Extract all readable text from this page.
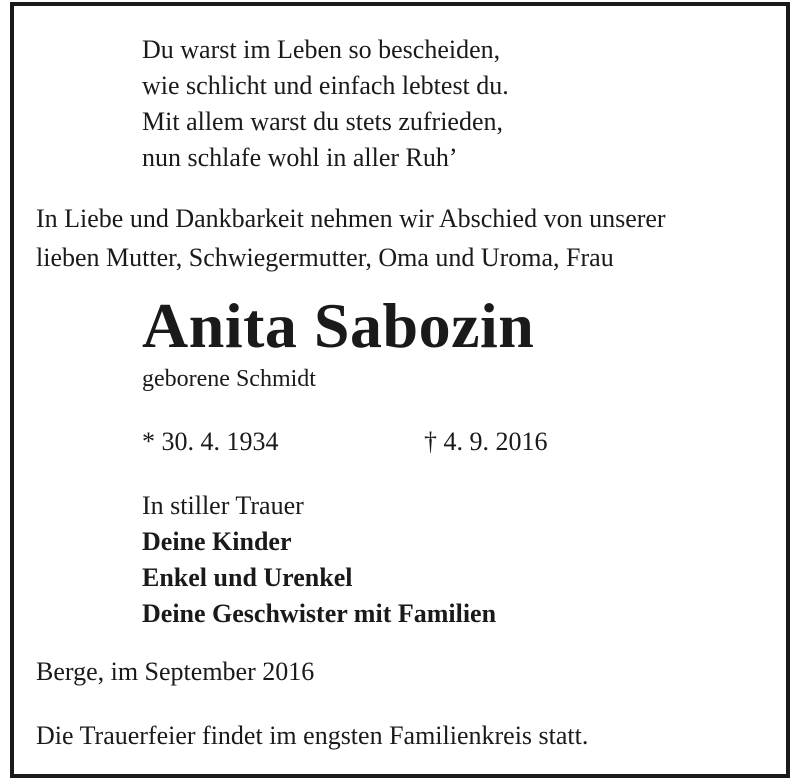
Du warst im Leben so bescheiden,
wie schlicht und einfach lebtest du.
Mit allem warst du stets zufrieden,
nun schlafe wohl in aller Ruh’
In Liebe und Dankbarkeit nehmen wir Abschied von unserer
lieben Mutter, Schwiegermutter, Oma und Uroma, Frau
Anita Sabozin
geborene Schmidt
* 30. 4. 1934	† 4. 9. 2016
In stiller Trauer
Deine Kinder
Enkel und Urenkel
Deine Geschwister mit Familien
Berge, im September 2016
Die Trauerfeier findet im engsten Familienkreis statt.
